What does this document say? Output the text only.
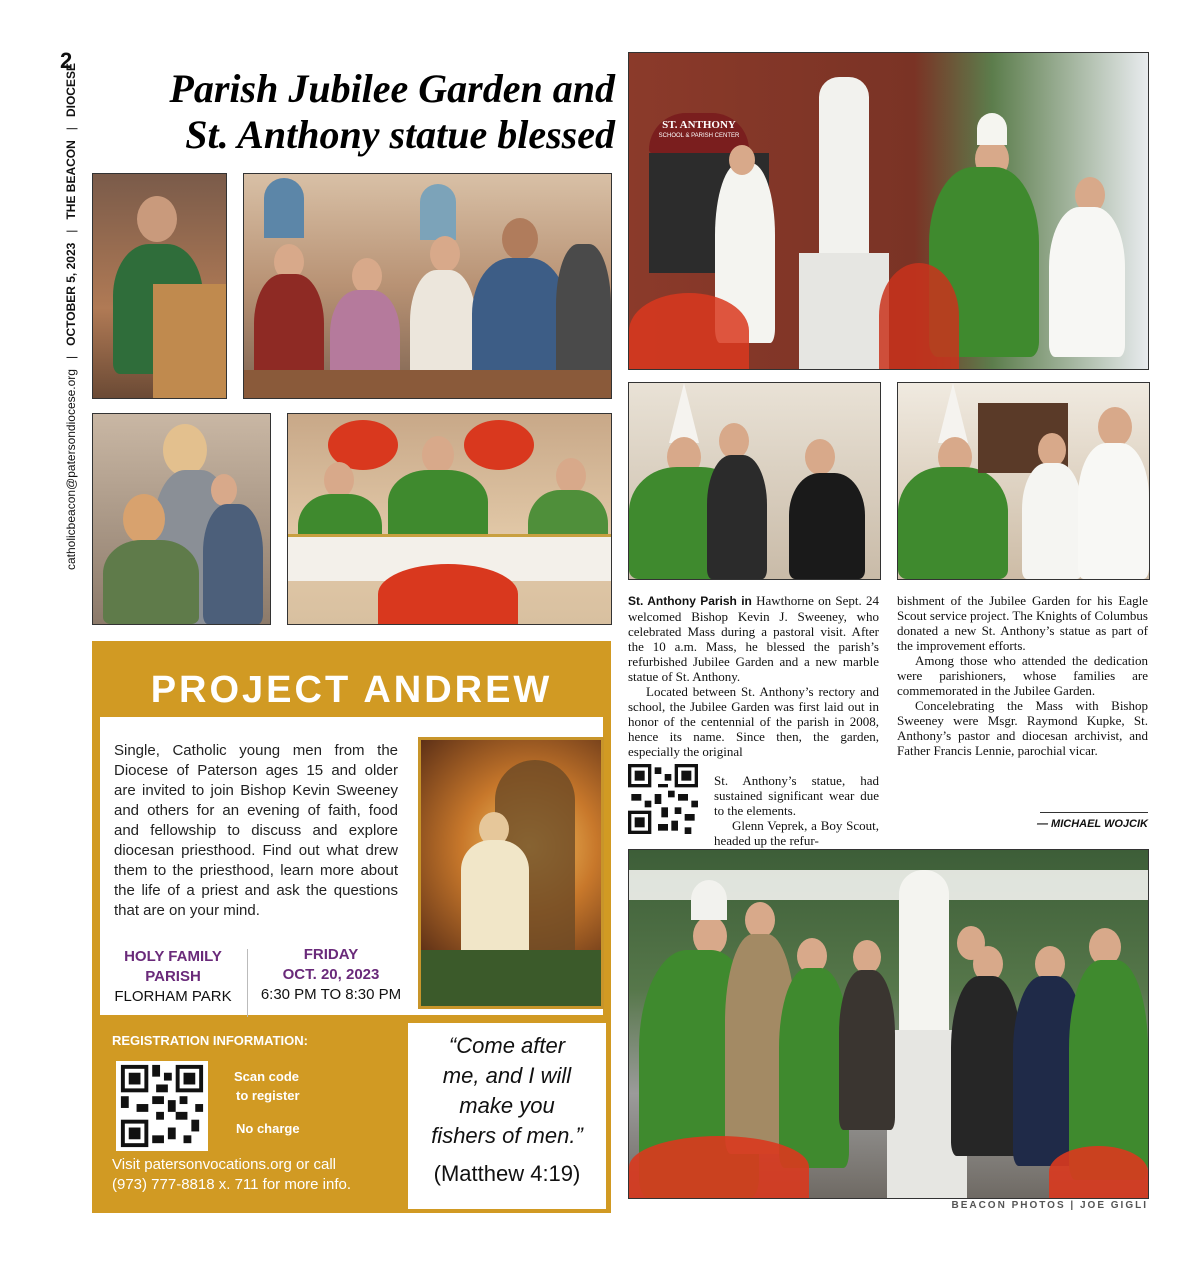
2
catholicbeacon@patersondiocese.org   |   OCTOBER 5, 2023   |   THE BEACON   |   DIOCESE	Parish Jubilee Garden and
St. Anthony statue blessed	ST. ANTHONY
SCHOOL & PARISH CENTER

St. Anthony Parish in Hawthorne on Sept. 24 welcomed Bishop Kevin J. Sweeney, who celebrated Mass during a pastoral visit. After the 10 a.m. Mass, he blessed the parish’s refurbished Jubilee Garden and a new marble statue of St. Anthony.

Located between St. Anthony’s rectory and school, the Jubilee Garden was first laid out in honor of the centennial of the parish in 2008, hence its name. Since then, the garden, especially the original

St. Anthony’s statue, had sustained significant wear due to the elements.

Glenn Veprek, a Boy Scout, headed up the refur-

bishment of the Jubilee Garden for his Eagle Scout service project. The Knights of Columbus donated a new St. Anthony’s statue as part of the improvement efforts.

Among those who attended the dedication were parishioners, whose families are commemorated in the Jubilee Garden.

Concelebrating the Mass with Bishop Sweeney were Msgr. Raymond Kupke, St. Anthony’s pastor and diocesan archivist, and Father Francis Lennie, parochial vicar.

— MICHAEL WOJCIK
BEACON PHOTOS | JOE GIGLI
PROJECT ANDREW
Single, Catholic young men from the Diocese of Paterson ages 15 and older are invited to join Bishop Kevin Sweeney and others for an evening of faith, food and fellowship to discuss and explore diocesan priesthood. Find out what drew them to the priesthood, learn more about the life of a priest and ask the questions that are on your mind.
HOLY FAMILY
PARISH
FLORHAM PARK
FRIDAY
OCT. 20, 2023
6:30 PM TO 8:30 PM
REGISTRATION INFORMATION:
Scan code
to register
No charge
Visit patersonvocations.org or call
(973) 777-8818 x. 711 for more info.
“Come after
me, and I will
make you
fishers of men.”
(Matthew 4:19)
